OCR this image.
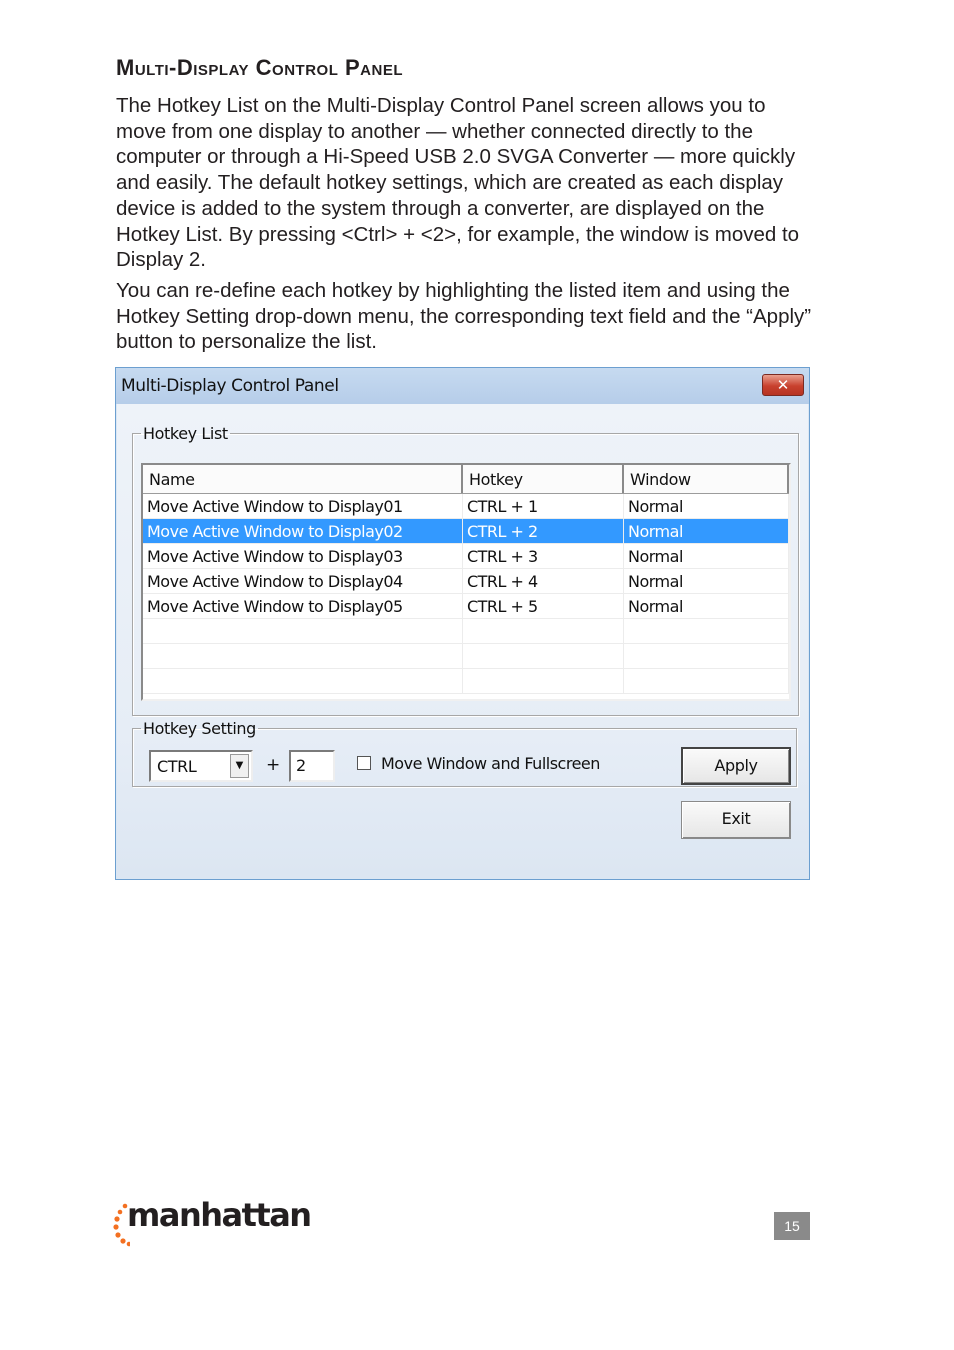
Multi-Display Control Panel

The Hotkey List on the Multi-Display Control Panel screen allows you to move from one display to another — whether connected directly to the computer or through a Hi-Speed USB 2.0 SVGA Converter — more quickly and easily. The default hotkey settings, which are created as each display device is added to the system through a converter, are displayed on the Hotkey List. By pressing <Ctrl> + <2>, for example, the window is moved to Display 2.

You can re-define each hotkey by highlighting the listed item and using the Hotkey Setting drop-down menu, the corresponding text field and the “Apply” button to personalize the list.

Multi-Display Control Panel	✕
Hotkey List
Name	Hotkey	Window
Move Active Window to Display01	CTRL + 1	Normal
Move Active Window to Display02	CTRL + 2	Normal
Move Active Window to Display03	CTRL + 3	Normal
Move Active Window to Display04	CTRL + 4	Normal
Move Active Window to Display05	CTRL + 5	Normal
Hotkey Setting
CTRL	▼	+ 2	Move Window and Fullscreen	Apply
Exit
manhattan	15
